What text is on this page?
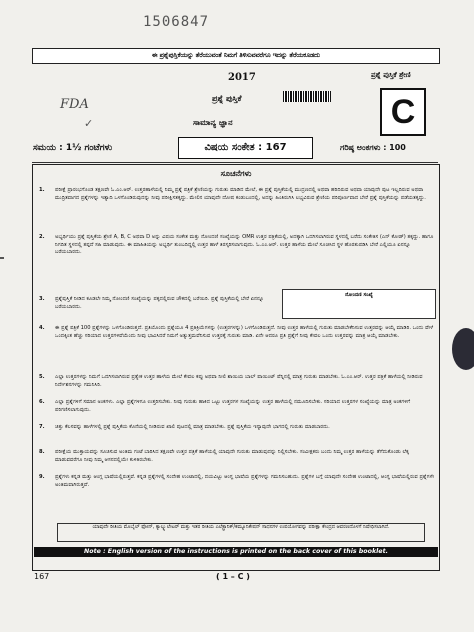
1506847
ಈ ಪ್ರಶ್ನೆಪುಸ್ತಿಕೆಯನ್ನು ತೆರೆಯುವಂತೆ ನಿಮಗೆ ತಿಳಿಸುವವರೆಗೂ ಇದನ್ನು ತೆರೆಯಕೂಡದು
2017
ಪ್ರಶ್ನೆ ಪುಸ್ತಿಕೆ
ಪ್ರಶ್ನೆ ಪುಸ್ತಿಕೆ ಶ್ರೇಣಿ
C
FDA
✓	ಸಾಮಾನ್ಯ ಜ್ಞಾನ
ಸಮಯ : 1½ ಗಂಟೆಗಳು	ವಿಷಯ ಸಂಕೇತ : 167	ಗರಿಷ್ಠ ಅಂಕಗಳು : 100
ಸೂಚನೆಗಳು
1. ಪರೀಕ್ಷೆ ಪ್ರಾರಂಭಗೊಂಡ ತಕ್ಷಣವೇ ಓ.ಎಂ.ಆರ್. ಉತ್ತರಹಾಳೆಯಲ್ಲಿ ನಿಮ್ಮ ಪ್ರಶ್ನೆ ಪತ್ರಿಕೆ ಶ್ರೇಣಿಯನ್ನು ಗುರುತು ಮಾಡಿದ ಮೇಲೆ, ಈ ಪ್ರಶ್ನೆ ಪುಸ್ತಿಕೆಯಲ್ಲಿ ಮುದ್ರಣದಲ್ಲಿ ಅಥವಾ ಹರಿದಿರುವ ಅಥವಾ ಯಾವುದೇ ಪುಟ ಇಲ್ಲದಿರುವ ಅಥವಾ ಮುದ್ರಿತವಾಗದ ಪ್ರಶ್ನೆಗಳನ್ನು ಇತ್ಯಾದಿ ಒಳಗೊಂಡಿರುವುದನ್ನು ನೀವು ಪರೀಕ್ಷಿಸತಕ್ಕದ್ದು. ಮೇಲಿನ ಯಾವುದೇ ದೋಷ ಕಂಡುಬಂದಲ್ಲಿ, ಅದನ್ನು ಹಿಂತಿರುಗಿಸಿ ಲಭ್ಯವಿರುವ ಶ್ರೇಣಿಯ ಪರಿಪೂರ್ಣವಾದ ಬೇರೆ ಪ್ರಶ್ನೆ ಪುಸ್ತಿಕೆಯನ್ನು ಪಡೆಯತಕ್ಕದ್ದು.
2. ಅಭ್ಯರ್ಥಿಯು ಪ್ರಶ್ನೆ ಪುಸ್ತಿಕೆಯ ಶ್ರೇಣಿ A, B, C ಅಥವಾ D ಅನ್ನು ವಿಷಯ ಸಂಕೇತ ಮತ್ತು ನೋಂದಣಿ ಸಂಖ್ಯೆಯನ್ನು OMR ಉತ್ತರ ಪತ್ರಿಕೆಯಲ್ಲಿ, ಅದಕ್ಕಾಗಿ ಒದಗಿಸಲಾಗಿರುವ ಸ್ಥಳದಲ್ಲಿ ಬರೆದು ಸಂಕೇತಿಸ (ಎನ್ ಕೋಡ್) ತಕ್ಕದ್ದು. ಹಾಗೂ ನಿಗದಿತ ಸ್ಥಳದಲ್ಲಿ ತಪ್ಪದೆ ಸಹಿ ಮಾಡುವುದು. ಈ ಮಾಹಿತಿಯನ್ನು ಅಭ್ಯರ್ಥಿ ತುಂಬದಿದ್ದಲ್ಲಿ ಉತ್ತರ ಹಾಳೆ ತಿರಸ್ಕರಿಸಲಾಗುವುದು. ಓ.ಎಂ.ಆರ್. ಉತ್ತರ ಹಾಳೆಯ ಮೇಲೆ ಸೂಚಿಸಿದ ಸ್ಥಳ ಹೊರತುಪಡಿಸಿ ಬೇರೆ ಎಲ್ಲಿಯೂ ಏನನ್ನೂ ಬರೆಯಬಾರದು.
3. ಪ್ರಶ್ನೆಪುಸ್ತಿಕೆ ನೀಡಿದ ಕೂಡಲೇ ನಿಮ್ಮ ನೋಂದಣಿ ಸಂಖ್ಯೆಯನ್ನು ಪಕ್ಕದಲ್ಲಿರುವ ಚೌಕದಲ್ಲಿ ಬರೆಯಿರಿ. ಪ್ರಶ್ನೆ ಪುಸ್ತಿಕೆಯಲ್ಲಿ ಬೇರೆ ಏನನ್ನೂ ಬರೆಯಬಾರದು.
ನೋಂದಣಿ ಸಂಖ್ಯೆ
4. ಈ ಪ್ರಶ್ನೆ ಪತ್ರಿಕೆ 100 ಪ್ರಶ್ನೆಗಳನ್ನು ಒಳಗೊಂಡಿರುತ್ತದೆ. ಪ್ರತಿಯೊಂದು ಪ್ರಶ್ನೆಯೂ 4 ಪ್ರತಿಕ್ರಿಯೆಗಳನ್ನು (ಉತ್ತರಗಳನ್ನು) ಒಳಗೊಂಡಿರುತ್ತದೆ. ನೀವು ಉತ್ತರ ಹಾಳೆಯಲ್ಲಿ ಗುರುತು ಮಾಡಬೇಕೆನಿಸುವ ಉತ್ತರವನ್ನು ಆಯ್ಕೆ ಮಾಡಿರಿ. ಒಂದು ವೇಳೆ ಒಂದಕ್ಕಿಂತ ಹೆಚ್ಚು ಸರಿಯಾದ ಉತ್ತರಗಳಿವೆಯೆಂದು ನೀವು ಭಾವಿಸಿದರೆ ನಿಮಗೆ ಅತ್ಯುತ್ತಮವೆನಿಸುವ ಉತ್ತರಕ್ಕೆ ಗುರುತು ಮಾಡಿ. ಏನೇ ಆದರೂ ಪ್ರತಿ ಪ್ರಶ್ನೆಗೆ ನೀವು ಕೇವಲ ಒಂದು ಉತ್ತರವನ್ನು ಮಾತ್ರ ಆಯ್ಕೆ ಮಾಡಬೇಕು.
5. ಎಲ್ಲಾ ಉತ್ತರಗಳನ್ನು ನಿಮಗೆ ಒದಗಿಸಲಾಗಿರುವ ಪ್ರತ್ಯೇಕ ಉತ್ತರ ಹಾಳೆಯ ಮೇಲೆ ಕೇವಲ ಕಪ್ಪು ಅಥವಾ ನೀಲಿ ಶಾಯಿಯ ಬಾಲ್ ಪಾಯಿಂಟ್ ಪೆನ್ನಿನಲ್ಲಿ ಮಾತ್ರ ಗುರುತು ಮಾಡಬೇಕು. ಓ.ಎಂ.ಆರ್. ಉತ್ತರ ಪತ್ರಿಕೆ ಹಾಳೆಯಲ್ಲಿ ನೀಡಿರುವ ನಿರ್ದೇಶನಗಳನ್ನು ಗಮನಿಸಿರಿ.
6. ಎಲ್ಲಾ ಪ್ರಶ್ನೆಗಳಿಗೆ ಸಮಾನ ಅಂಕಗಳು. ಎಲ್ಲಾ ಪ್ರಶ್ನೆಗಳಿಗೂ ಉತ್ತರಿಸಬೇಕು. ನೀವು ಗುರುತು ಹಾಕಿದ ಒಟ್ಟು ಉತ್ತರಗಳ ಸಂಖ್ಯೆಯನ್ನು ಉತ್ತರ ಹಾಳೆಯಲ್ಲಿ ನಮೂದಿಸಬೇಕು. ಸರಿಯಾದ ಉತ್ತರಗಳ ಸಂಖ್ಯೆಯನ್ನು ಮಾತ್ರ ಅಂಕಗಳಿಗೆ ಪರಿಗಣಿಸಲಾಗುವುದು.
7. ಚಿತ್ತು ಕೆಲಸವನ್ನು ಹಾಳೆಗಳಲ್ಲಿ ಪ್ರಶ್ನೆ ಪುಸ್ತಿಕೆಯ ಕೊನೆಯಲ್ಲಿ ನೀಡಿರುವ ಖಾಲಿ ಪುಟದಲ್ಲಿ ಮಾತ್ರ ಮಾಡಬೇಕು. ಪ್ರಶ್ನೆ ಪುಸ್ತಿಕೆಯ ಇನ್ಯಾವುದೇ ಭಾಗದಲ್ಲಿ ಗುರುತು ಮಾಡಬಾರದು.
8. ಪರೀಕ್ಷೆಯ ಮುಕ್ತಾಯವನ್ನು ಸೂಚಿಸುವ ಅಂತಿಮ ಗಂಟೆ ಬಾರಿಸಿದ ತಕ್ಷಣವೇ ಉತ್ತರ ಪತ್ರಿಕೆ ಹಾಳೆಯಲ್ಲಿ ಯಾವುದೇ ಗುರುತು ಮಾಡುವುದನ್ನು ನಿಲ್ಲಿಸಬೇಕು. ಸಂವೀಕ್ಷಕರು ಬಂದು ನಿಮ್ಮ ಉತ್ತರ ಹಾಳೆಯನ್ನು ತೆಗೆದುಕೊಂಡು ಲೆಕ್ಕ ಮಾಡುವವರೆಗೂ ನೀವು ನಿಮ್ಮ ಆಸನದಲ್ಲಿಯೇ ಕುಳಿತಿರಬೇಕು.
9. ಪ್ರಶ್ನೆಗಳು ಕನ್ನಡ ಮತ್ತು ಆಂಗ್ಲ ಭಾಷೆಯಲ್ಲಿರುತ್ತವೆ. ಕನ್ನಡ ಪ್ರಶ್ನೆಗಳಲ್ಲಿ ಸಂದೇಹ ಉಂಟಾದಲ್ಲಿ, ದಯವಿಟ್ಟು ಆಂಗ್ಲ ಭಾಷೆಯ ಪ್ರಶ್ನೆಗಳನ್ನು ಗಮನಿಸಬಹುದು. ಪ್ರಶ್ನೆಗಳ ಬಗ್ಗೆ ಯಾವುದೇ ಸಂದೇಹ ಉಂಟಾದಲ್ಲಿ, ಆಂಗ್ಲ ಭಾಷೆಯಲ್ಲಿರುವ ಪ್ರಶ್ನೆಗಳೇ ಅಂತಿಮವಾಗಿರುತ್ತವೆ.
ಯಾವುದೇ ರೀತಿಯ ಮೊಬೈಲ್ ಫೋನ್, ಕ್ಯಾಲ್ಕ್ಯುಲೇಟರ್ ಮತ್ತು ಇತರ ರೀತಿಯ ಎಲೆಕ್ಟ್ರಾನಿಕ್/ಕಮ್ಯೂನಿಕೇಷನ್ ಸಾಧನಗಳ ಉಪಯೋಗವನ್ನು ಪರೀಕ್ಷಾ ಕೇಂದ್ರದ ಆವರಣದೊಳಗೆ ನಿಷೇಧಿಸಲಾಗಿದೆ.
Note : English version of the instructions is printed on the back cover of this booklet.
167	( 1 – C )
